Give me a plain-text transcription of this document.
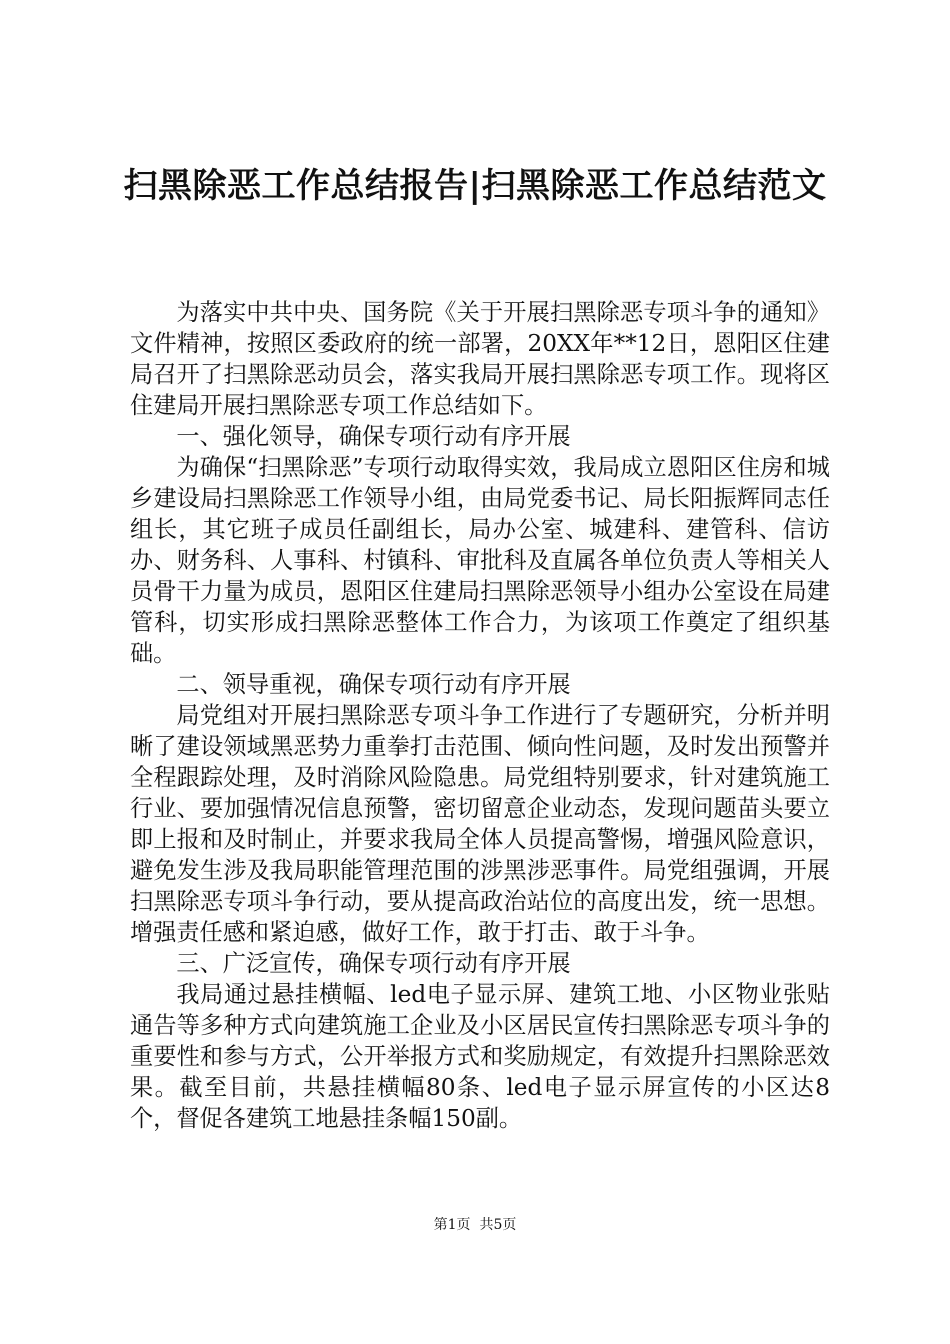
扫黑除恶工作总结报告|扫黑除恶工作总结范文

为落实中共中央、国务院《关于开展扫黑除恶专项斗争的通知》文件精神，按照区委政府的统一部署，20XX年**12日，恩阳区住建局召开了扫黑除恶动员会，落实我局开展扫黑除恶专项工作。现将区住建局开展扫黑除恶专项工作总结如下。

一、强化领导，确保专项行动有序开展

为确保“扫黑除恶”专项行动取得实效，我局成立恩阳区住房和城乡建设局扫黑除恶工作领导小组，由局党委书记、局长阳振辉同志任组长，其它班子成员任副组长，局办公室、城建科、建管科、信访办、财务科、人事科、村镇科、审批科及直属各单位负责人等相关人员骨干力量为成员，恩阳区住建局扫黑除恶领导小组办公室设在局建管科，切实形成扫黑除恶整体工作合力，为该项工作奠定了组织基础。

二、领导重视，确保专项行动有序开展

局党组对开展扫黑除恶专项斗争工作进行了专题研究，分析并明晰了建设领域黑恶势力重拳打击范围、倾向性问题，及时发出预警并全程跟踪处理，及时消除风险隐患。局党组特别要求，针对建筑施工行业、要加强情况信息预警，密切留意企业动态，发现问题苗头要立即上报和及时制止，并要求我局全体人员提高警惕，增强风险意识，避免发生涉及我局职能管理范围的涉黑涉恶事件。局党组强调，开展扫黑除恶专项斗争行动，要从提高政治站位的高度出发，统一思想。增强责任感和紧迫感，做好工作，敢于打击、敢于斗争。

三、广泛宣传，确保专项行动有序开展

我局通过悬挂横幅、led电子显示屏、建筑工地、小区物业张贴通告等多种方式向建筑施工企业及小区居民宣传扫黑除恶专项斗争的重要性和参与方式，公开举报方式和奖励规定，有效提升扫黑除恶效果。截至目前，共悬挂横幅80条、led电子显示屏宣传的小区达8个，督促各建筑工地悬挂条幅150副。

第1页  共5页
